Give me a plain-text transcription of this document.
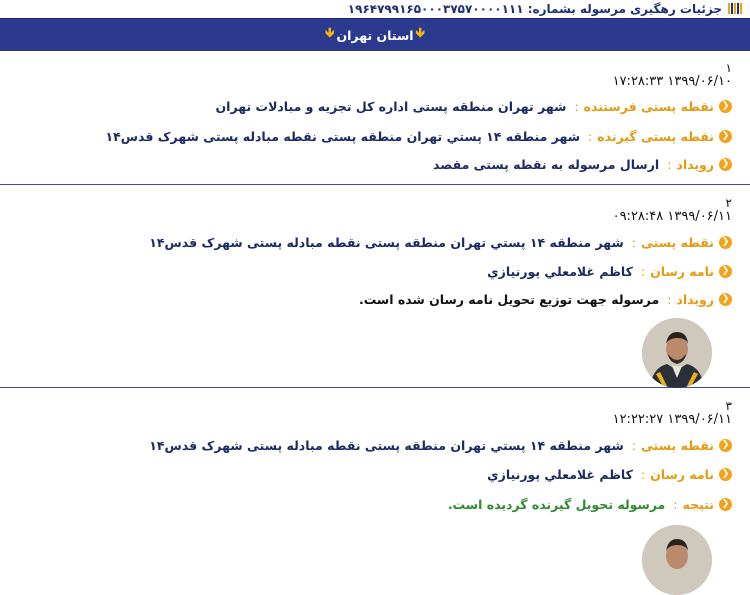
جزئیات رهگیری مرسوله بشماره: ۱۹۶۴۷۹۹۱۶۵۰۰۰۳۷۵۷۰۰۰۰۱۱۱
🡻
استان تهران
🡻
۱
۱۷:۲۸:۳۳ ۱۳۹۹/۰۶/۱۰
❮
نقطه پستی فرستنده
:
شهر تهران منطقه پستی اداره کل تجزیه و مبادلات تهران
❮
نقطه پستی گیرنده
:
شهر منطقه ۱۴ پستي تهران منطقه پستی نقطه مبادله پستی شهرک قدس۱۴
❮
رویداد
:
ارسال مرسوله به نقطه پستی مقصد
۲
۰۹:۲۸:۴۸ ۱۳۹۹/۰۶/۱۱
❮
نقطه پستی
:
شهر منطقه ۱۴ پستي تهران منطقه پستی نقطه مبادله پستی شهرک قدس۱۴
❮
نامه رسان
:
کاظم غلامعلي پورنيازي
❮
رویداد
:
مرسوله جهت توزیع تحویل نامه رسان شده است.
۳
۱۲:۲۲:۲۷ ۱۳۹۹/۰۶/۱۱
❮
نقطه پستی
:
شهر منطقه ۱۴ پستي تهران منطقه پستی نقطه مبادله پستی شهرک قدس۱۴
❮
نامه رسان
:
کاظم غلامعلي پورنيازي
❮
نتیجه
:
مرسوله تحویل گیرنده گردیده است.
